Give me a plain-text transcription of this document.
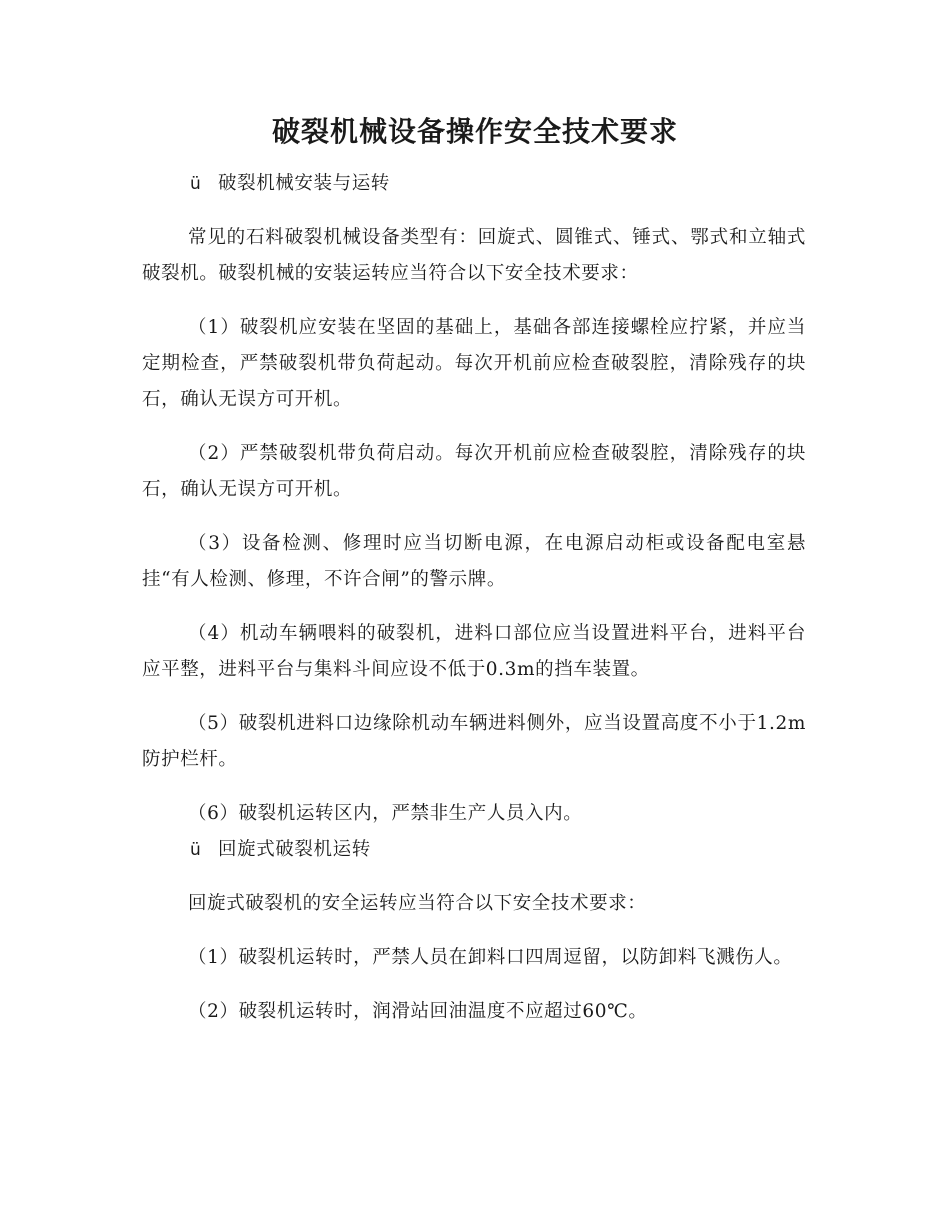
破裂机械设备操作安全技术要求

ü 破裂机械安装与运转

常见的石料破裂机械设备类型有：回旋式、圆锥式、锤式、鄂式和立轴式破裂机。破裂机械的安装运转应当符合以下安全技术要求：

（1）破裂机应安装在坚固的基础上，基础各部连接螺栓应拧紧，并应当定期检查，严禁破裂机带负荷起动。每次开机前应检查破裂腔，清除残存的块石，确认无误方可开机。

（2）严禁破裂机带负荷启动。每次开机前应检查破裂腔，清除残存的块石，确认无误方可开机。

（3）设备检测、修理时应当切断电源，在电源启动柜或设备配电室悬挂“有人检测、修理，不许合闸”的警示牌。

（4）机动车辆喂料的破裂机，进料口部位应当设置进料平台，进料平台应平整，进料平台与集料斗间应设不低于0.3m的挡车装置。

（5）破裂机进料口边缘除机动车辆进料侧外，应当设置高度不小于1.2m防护栏杆。

（6）破裂机运转区内，严禁非生产人员入内。

ü 回旋式破裂机运转

回旋式破裂机的安全运转应当符合以下安全技术要求：

（1）破裂机运转时，严禁人员在卸料口四周逗留，以防卸料飞溅伤人。

（2）破裂机运转时，润滑站回油温度不应超过60℃。
